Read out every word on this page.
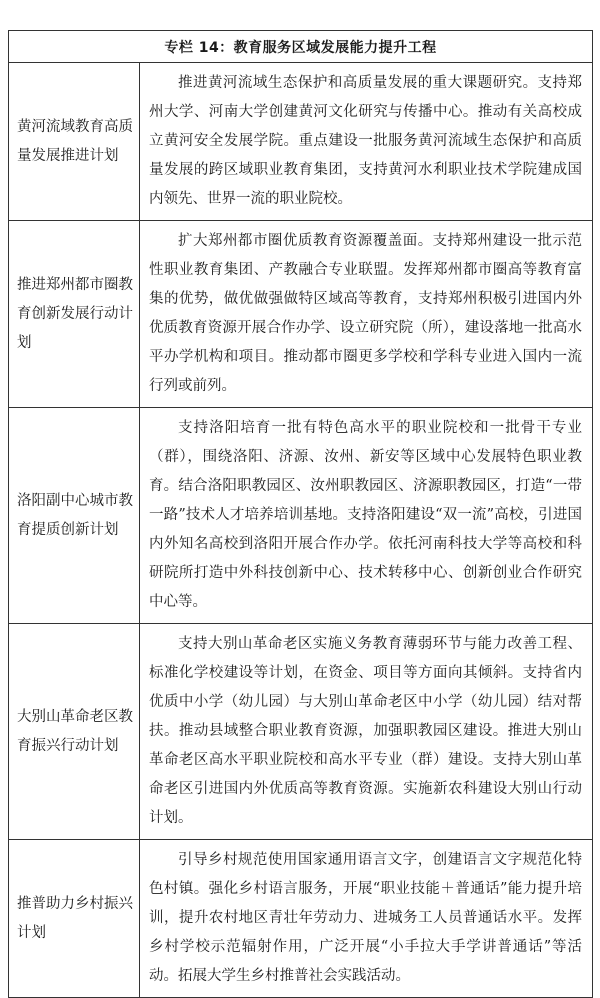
专栏 14：教育服务区域发展能力提升工程	
黄河流域教育高质量发展推进计划	推进黄河流域生态保护和高质量发展的重大课题研究。支持郑州大学、河南大学创建黄河文化研究与传播中心。推动有关高校成立黄河安全发展学院。重点建设一批服务黄河流域生态保护和高质量发展的跨区域职业教育集团，支持黄河水利职业技术学院建成国内领先、世界一流的职业院校。
推进郑州都市圈教育创新发展行动计划	扩大郑州都市圈优质教育资源覆盖面。支持郑州建设一批示范性职业教育集团、产教融合专业联盟。发挥郑州都市圈高等教育富集的优势，做优做强做特区域高等教育，支持郑州积极引进国内外优质教育资源开展合作办学、设立研究院（所），建设落地一批高水平办学机构和项目。推动都市圈更多学校和学科专业进入国内一流行列或前列。
洛阳副中心城市教育提质创新计划	支持洛阳培育一批有特色高水平的职业院校和一批骨干专业（群），围绕洛阳、济源、汝州、新安等区域中心发展特色职业教育。结合洛阳职教园区、汝州职教园区、济源职教园区，打造“一带一路”技术人才培养培训基地。支持洛阳建设“双一流”高校，引进国内外知名高校到洛阳开展合作办学。依托河南科技大学等高校和科研院所打造中外科技创新中心、技术转移中心、创新创业合作研究中心等。
大别山革命老区教育振兴行动计划	支持大别山革命老区实施义务教育薄弱环节与能力改善工程、标准化学校建设等计划，在资金、项目等方面向其倾斜。支持省内优质中小学（幼儿园）与大别山革命老区中小学（幼儿园）结对帮扶。推动县域整合职业教育资源，加强职教园区建设。推进大别山革命老区高水平职业院校和高水平专业（群）建设。支持大别山革命老区引进国内外优质高等教育资源。实施新农科建设大别山行动计划。
推普助力乡村振兴计划	引导乡村规范使用国家通用语言文字，创建语言文字规范化特色村镇。强化乡村语言服务，开展“职业技能＋普通话”能力提升培训，提升农村地区青壮年劳动力、进城务工人员普通话水平。发挥乡村学校示范辐射作用，广泛开展“小手拉大手学讲普通话”等活动。拓展大学生乡村推普社会实践活动。
